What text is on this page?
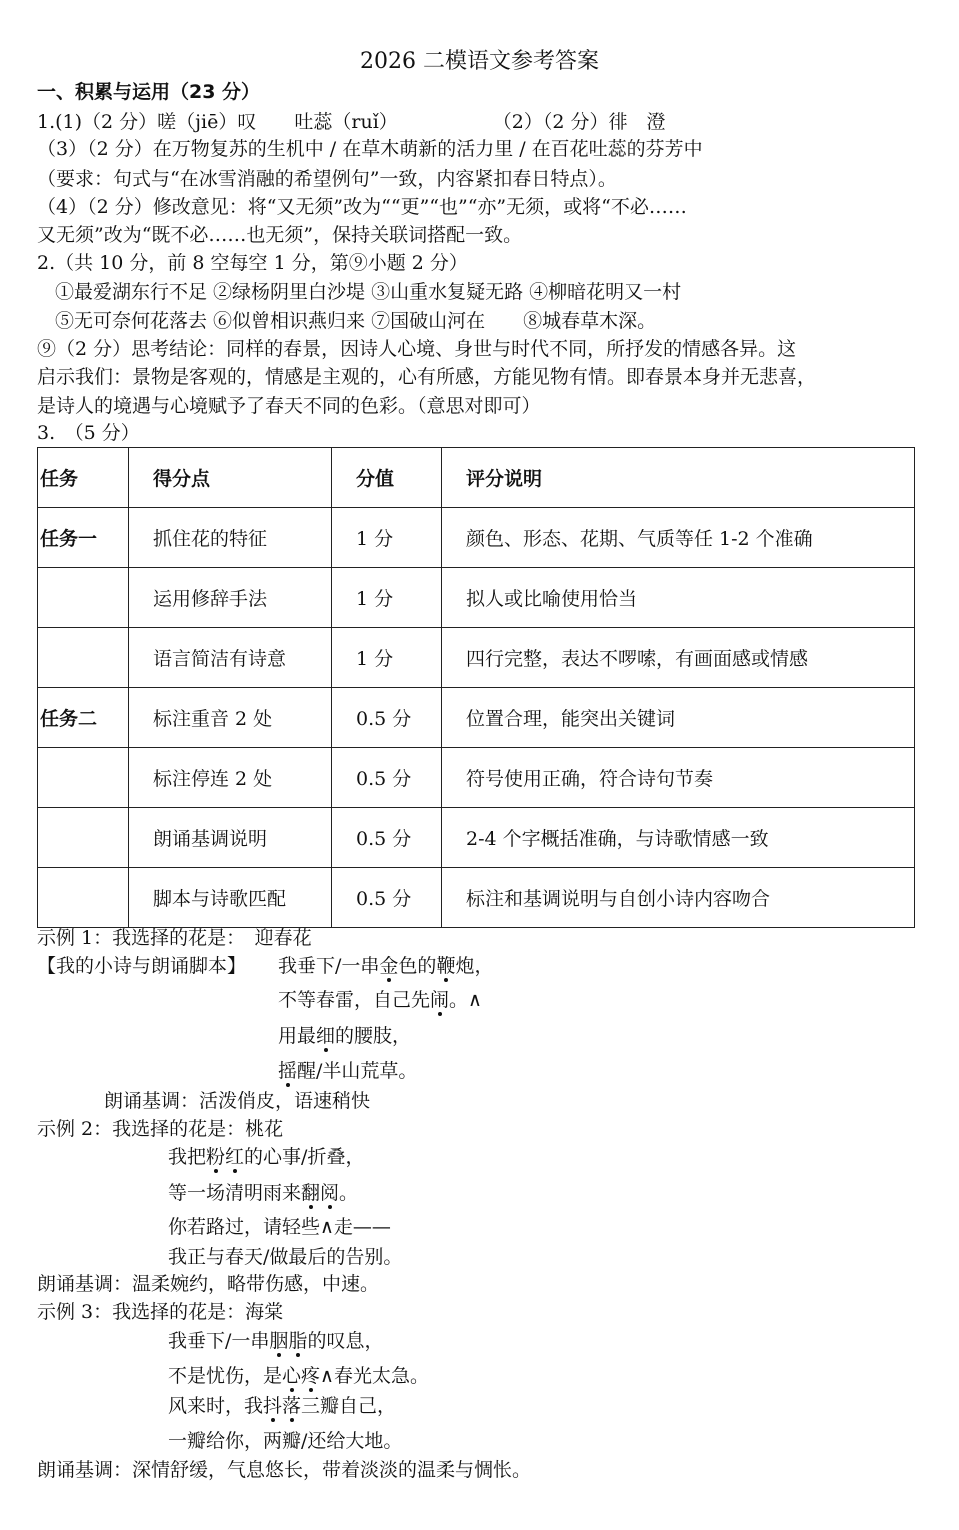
2026 二模语文参考答案
一、积累与运用（23 分）
1.(1)（2 分）嗟（jiē）叹　　吐蕊（ruǐ）　　　　　　（2）（2 分）徘　澄
（3）（2 分）在万物复苏的生机中 / 在草木萌新的活力里 / 在百花吐蕊的芬芳中
（要求：句式与“在冰雪消融的希望例句”一致，内容紧扣春日特点）。
（4）（2 分）修改意见：将“又无须”改为““更”“也”“亦”无须，或将“不必……
又无须”改为“既不必……也无须”，保持关联词搭配一致。
2.（共 10 分，前 8 空每空 1 分，第⑨小题 2 分）
①最爱湖东行不足 ②绿杨阴里白沙堤 ③山重水复疑无路 ④柳暗花明又一村
⑤无可奈何花落去 ⑥似曾相识燕归来 ⑦国破山河在　　⑧城春草木深。
⑨（2 分）思考结论：同样的春景，因诗人心境、身世与时代不同，所抒发的情感各异。这
启示我们：景物是客观的，情感是主观的，心有所感，方能见物有情。即春景本身并无悲喜，
是诗人的境遇与心境赋予了春天不同的色彩。（意思对即可）
3.　（5 分）
任务	得分点	分值	评分说明
任务一	抓住花的特征	1 分	颜色、形态、花期、气质等任 1-2 个准确
	运用修辞手法	1 分	拟人或比喻使用恰当
	语言简洁有诗意	1 分	四行完整，表达不啰嗦，有画面感或情感
任务二	标注重音 2 处	0.5 分	位置合理，能突出关键词
	标注停连 2 处	0.5 分	符号使用正确，符合诗句节奏
	朗诵基调说明	0.5 分	2-4 个字概括准确，与诗歌情感一致
	脚本与诗歌匹配	0.5 分	标注和基调说明与自创小诗内容吻合
示例 1：我选择的花是：　迎春花
【我的小诗与朗诵脚本】 我垂下/一串金色的鞭炮，
不等春雷，自己先闹。∧
用最细的腰肢，
摇醒/半山荒草。
朗诵基调：活泼俏皮，语速稍快
示例 2：我选择的花是：桃花
我把粉红的心事/折叠，
等一场清明雨来翻阅。
你若路过，请轻些∧走——
我正与春天/做最后的告别。
朗诵基调：温柔婉约，略带伤感，中速。
示例 3：我选择的花是：海棠
我垂下/一串胭脂的叹息，
不是忧伤，是心疼∧春光太急。
风来时，我抖落三瓣自己，
一瓣给你，两瓣/还给大地。
朗诵基调：深情舒缓，气息悠长，带着淡淡的温柔与惆怅。
